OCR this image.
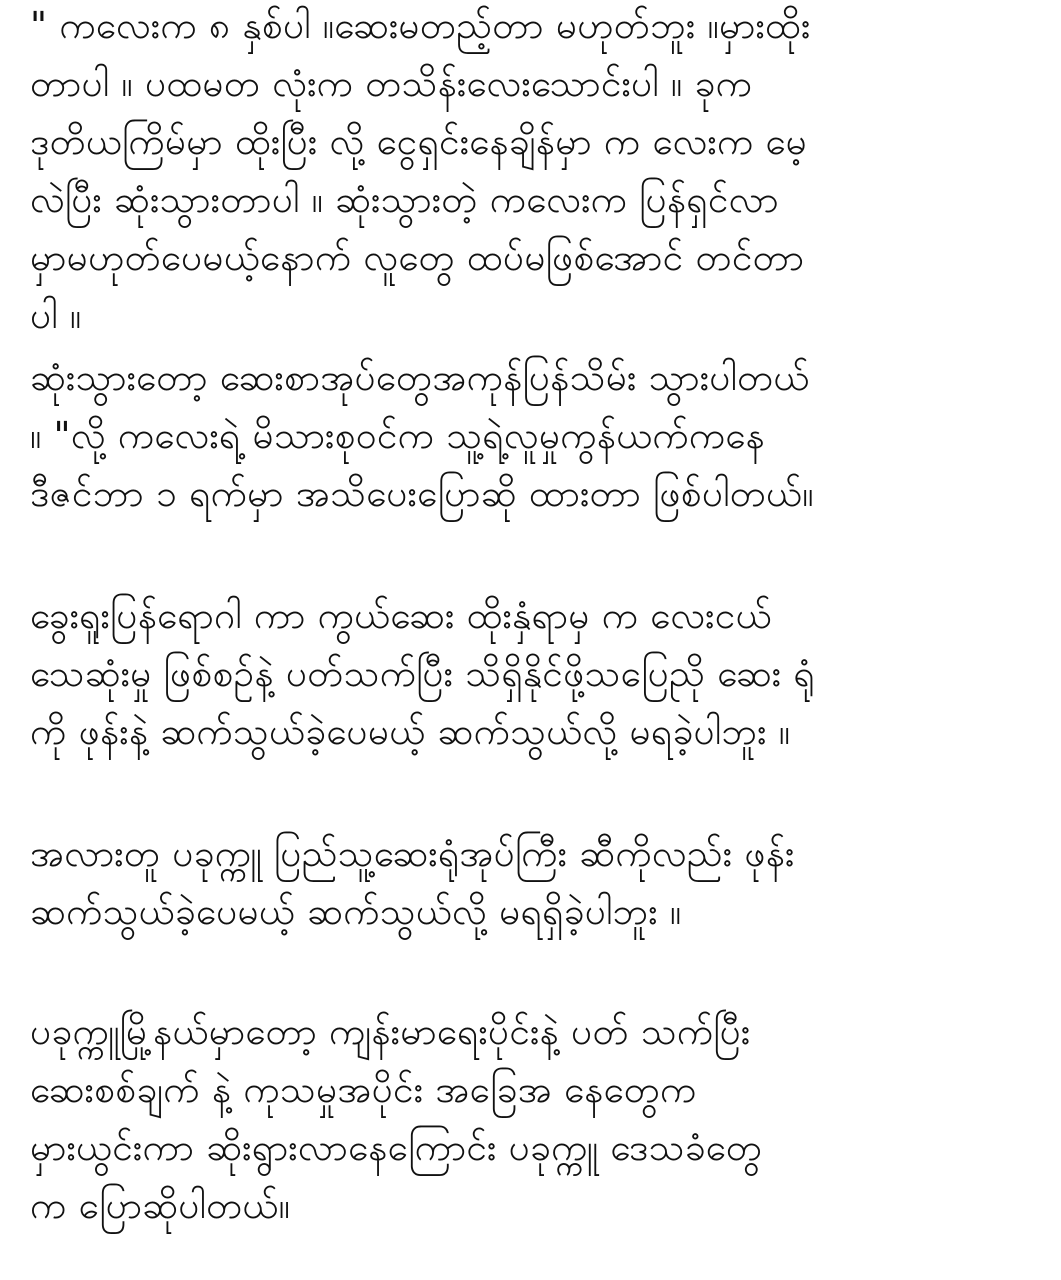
" ကလေးက ၈ နှစ်ပါ ။ဆေးမတည့်တာ မဟုတ်ဘူး ။မှားထိုး
တာပါ ။ ပထမတ လုံးက တသိန်းလေးသောင်းပါ ။ ခုက
ဒုတိယကြိမ်မှာ ထိုးပြီး လို့ ငွေရှင်းနေချိန်မှာ က လေးက မေ့
လဲပြီး ဆုံးသွားတာပါ ။ ဆုံးသွားတဲ့ ကလေးက ပြန်ရှင်လာ
မှာမဟုတ်ပေမယ့်နောက် လူတွေ ထပ်မဖြစ်အောင် တင်တာ
ပါ ။
ဆုံးသွားတော့ ဆေးစာအုပ်တွေအကုန်ပြန်သိမ်း သွားပါတယ်
။ "လို့ ကလေးရဲ့ မိသားစုဝင်က သူ့ရဲ့လူမှုကွန်ယက်ကနေ
ဒီဇင်ဘာ ၁ ရက်မှာ အသိပေးပြောဆို ထားတာ ဖြစ်ပါတယ်။
ခွေးရူးပြန်ရောဂါ ကာ ကွယ်ဆေး ထိုးနှံရာမှ က လေးငယ်
သေဆုံးမှု ဖြစ်စဥ်နဲ့ ပတ်သက်ပြီး သိရှိနိုင်ဖို့သပြေညို ဆေး ရုံ
ကို ဖုန်းနဲ့ ဆက်သွယ်ခဲ့ပေမယ့် ဆက်သွယ်လို့ မရခဲ့ပါဘူး ။
အလားတူ ပခုက္ကူ ပြည်သူ့ဆေးရုံအုပ်ကြီး ဆီကိုလည်း ဖုန်း
ဆက်သွယ်ခဲ့ပေမယ့် ဆက်သွယ်လို့ မရရှိခဲ့ပါဘူး ။
ပခုက္ကူမြို့နယ်မှာတော့ ကျန်းမာရေးပိုင်းနဲ့ ပတ် သက်ပြီး
ဆေးစစ်ချက် နဲ့ ကုသမှုအပိုင်း အခြေအ နေတွေက
မှားယွင်းကာ ဆိုးရွားလာနေကြောင်း ပခုက္ကူ ဒေသခံတွေ
က ပြောဆိုပါတယ်။
